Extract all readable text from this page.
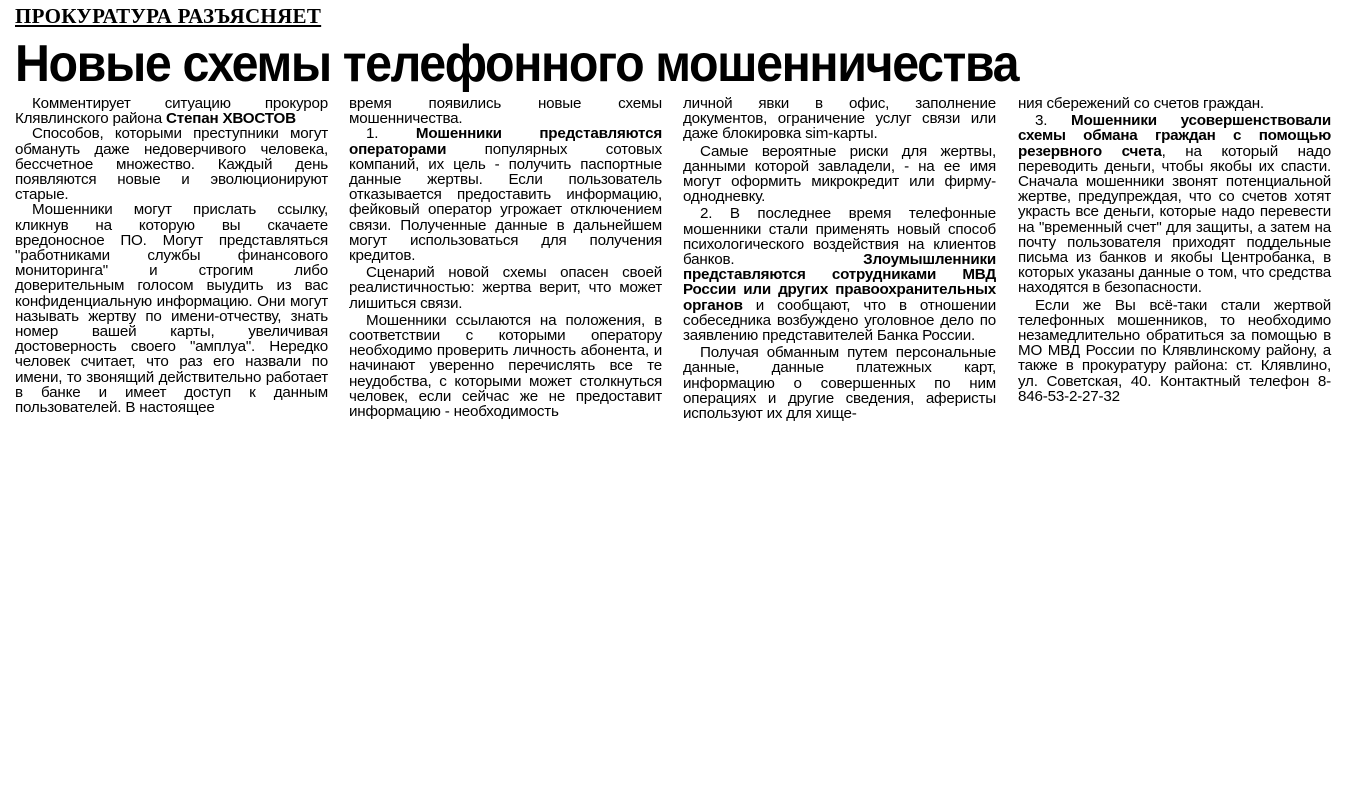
ПРОКУРАТУРА РАЗЪЯСНЯЕТ
Новые схемы телефонного мошенничества

Комментирует ситуацию прокурор Клявлинского района Степан ХВОСТОВ

Способов, которыми преступники могут обмануть даже недоверчивого человека, бессчетное множество. Каждый день появляются новые и эволюционируют старые.

Мошенники могут прислать ссылку, кликнув на которую вы скачаете вредоносное ПО. Могут представляться "работниками службы финансового мониторинга" и строгим либо доверительным голосом выудить из вас конфиденциальную информацию. Они могут называть жертву по имени-отчеству, знать номер вашей карты, увеличивая достоверность своего "амплуа". Нередко человек считает, что раз его назвали по имени, то звонящий действительно работает в банке и имеет доступ к данным пользователей. В настоящее

время появились новые схемы мошенничества.

1. Мошенники представляются операторами популярных сотовых компаний, их цель - получить паспортные данные жертвы. Если пользователь отказывается предоставить информацию, фейковый оператор угрожает отключением связи. Полученные данные в дальнейшем могут использоваться для получения кредитов.

Сценарий новой схемы опасен своей реалистичностью: жертва верит, что может лишиться связи.

Мошенники ссылаются на положения, в соответствии с которыми оператору необходимо проверить личность абонента, и начинают уверенно перечислять все те неудобства, с которыми может столкнуться человек, если сейчас же не предоставит информацию - необходимость

личной явки в офис, заполнение документов, ограничение услуг связи или даже блокировка sim-карты.

Самые вероятные риски для жертвы, данными которой завладели, - на ее имя могут оформить микрокредит или фирму-однодневку.

2. В последнее время телефонные мошенники стали применять новый способ психологического воздействия на клиентов банков. Злоумышленники представляются сотрудниками МВД России или других правоохранительных органов и сообщают, что в отношении собеседника возбуждено уголовное дело по заявлению представителей Банка России.

Получая обманным путем персональные данные, данные платежных карт, информацию о совершенных по ним операциях и другие сведения, аферисты используют их для хище-

ния сбережений со счетов граждан.

3. Мошенники усовершенствовали схемы обмана граждан с помощью резервного счета, на который надо переводить деньги, чтобы якобы их спасти. Сначала мошенники звонят потенциальной жертве, предупреждая, что со счетов хотят украсть все деньги, которые надо перевести на "временный счет" для защиты, а затем на почту пользователя приходят поддельные письма из банков и якобы Центробанка, в которых указаны данные о том, что средства находятся в безопасности.

Если же Вы всё-таки стали жертвой телефонных мошенников, то необходимо незамедлительно обратиться за помощью в МО МВД России по Клявлинскому району, а также в прокуратуру района: ст. Клявлино, ул. Советская, 40. Контактный телефон 8-846-53-2-27-32
